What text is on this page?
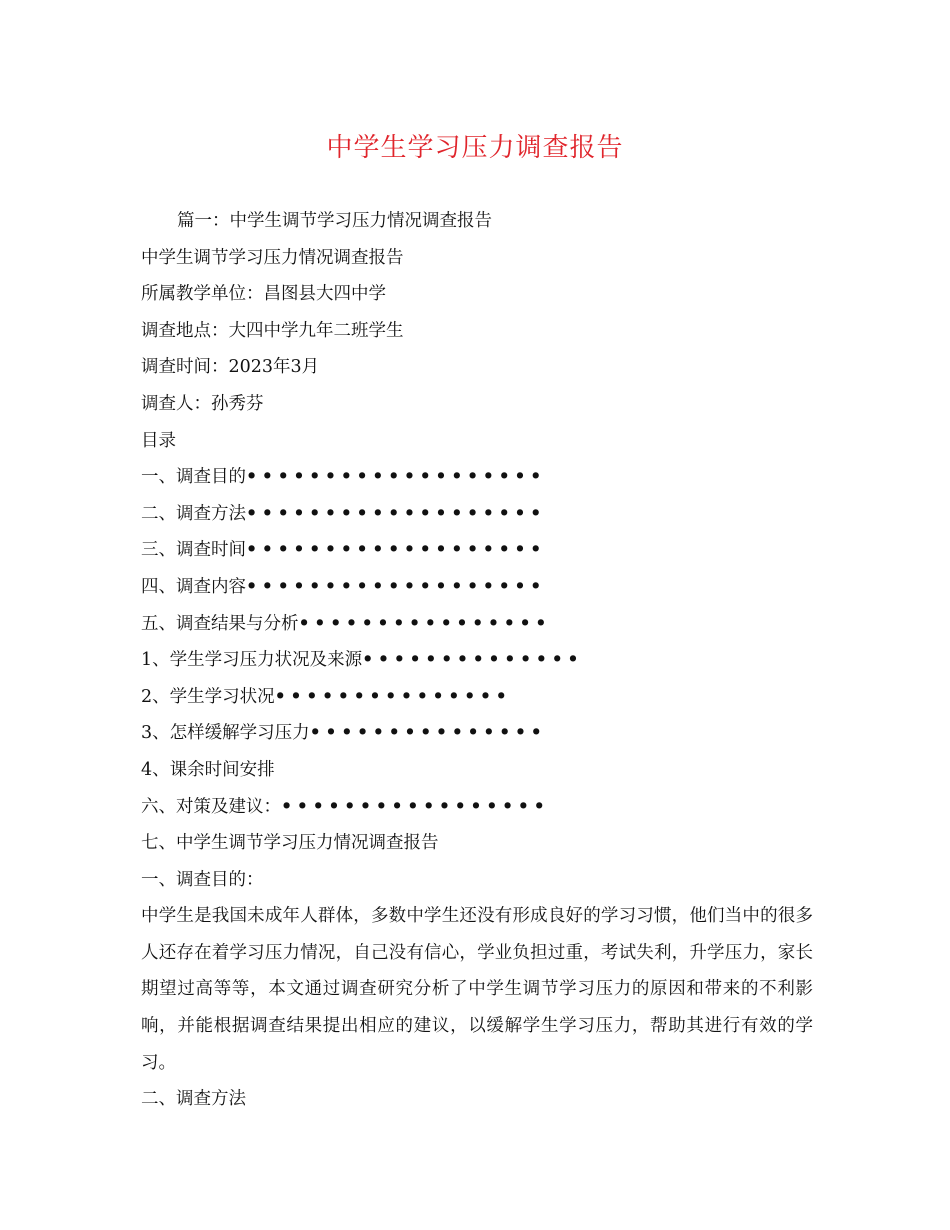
中学生学习压力调查报告
篇一：中学生调节学习压力情况调查报告
中学生调节学习压力情况调查报告
所属教学单位：昌图县大四中学
调查地点：大四中学九年二班学生
调查时间：2023年3月
调查人：孙秀芬
目录
一、调查目的•••••••••••••••••••
二、调查方法•••••••••••••••••••
三、调查时间•••••••••••••••••••
四、调查内容•••••••••••••••••••
五、调查结果与分析••••••••••••••••
1、学生学习压力状况及来源••••••••••••••
2、学生学习状况•••••••••••••••
3、怎样缓解学习压力•••••••••••••••
4、课余时间安排
六、对策及建议：•••••••••••••••••
七、中学生调节学习压力情况调查报告
一、调查目的：
中学生是我国未成年人群体，多数中学生还没有形成良好的学习习惯，他们当中的很多人还存在着学习压力情况，自己没有信心，学业负担过重，考试失利，升学压力，家长期望过高等等，本文通过调查研究分析了中学生调节学习压力的原因和带来的不利影响，并能根据调查结果提出相应的建议，以缓解学生学习压力，帮助其进行有效的学习。
二、调查方法
